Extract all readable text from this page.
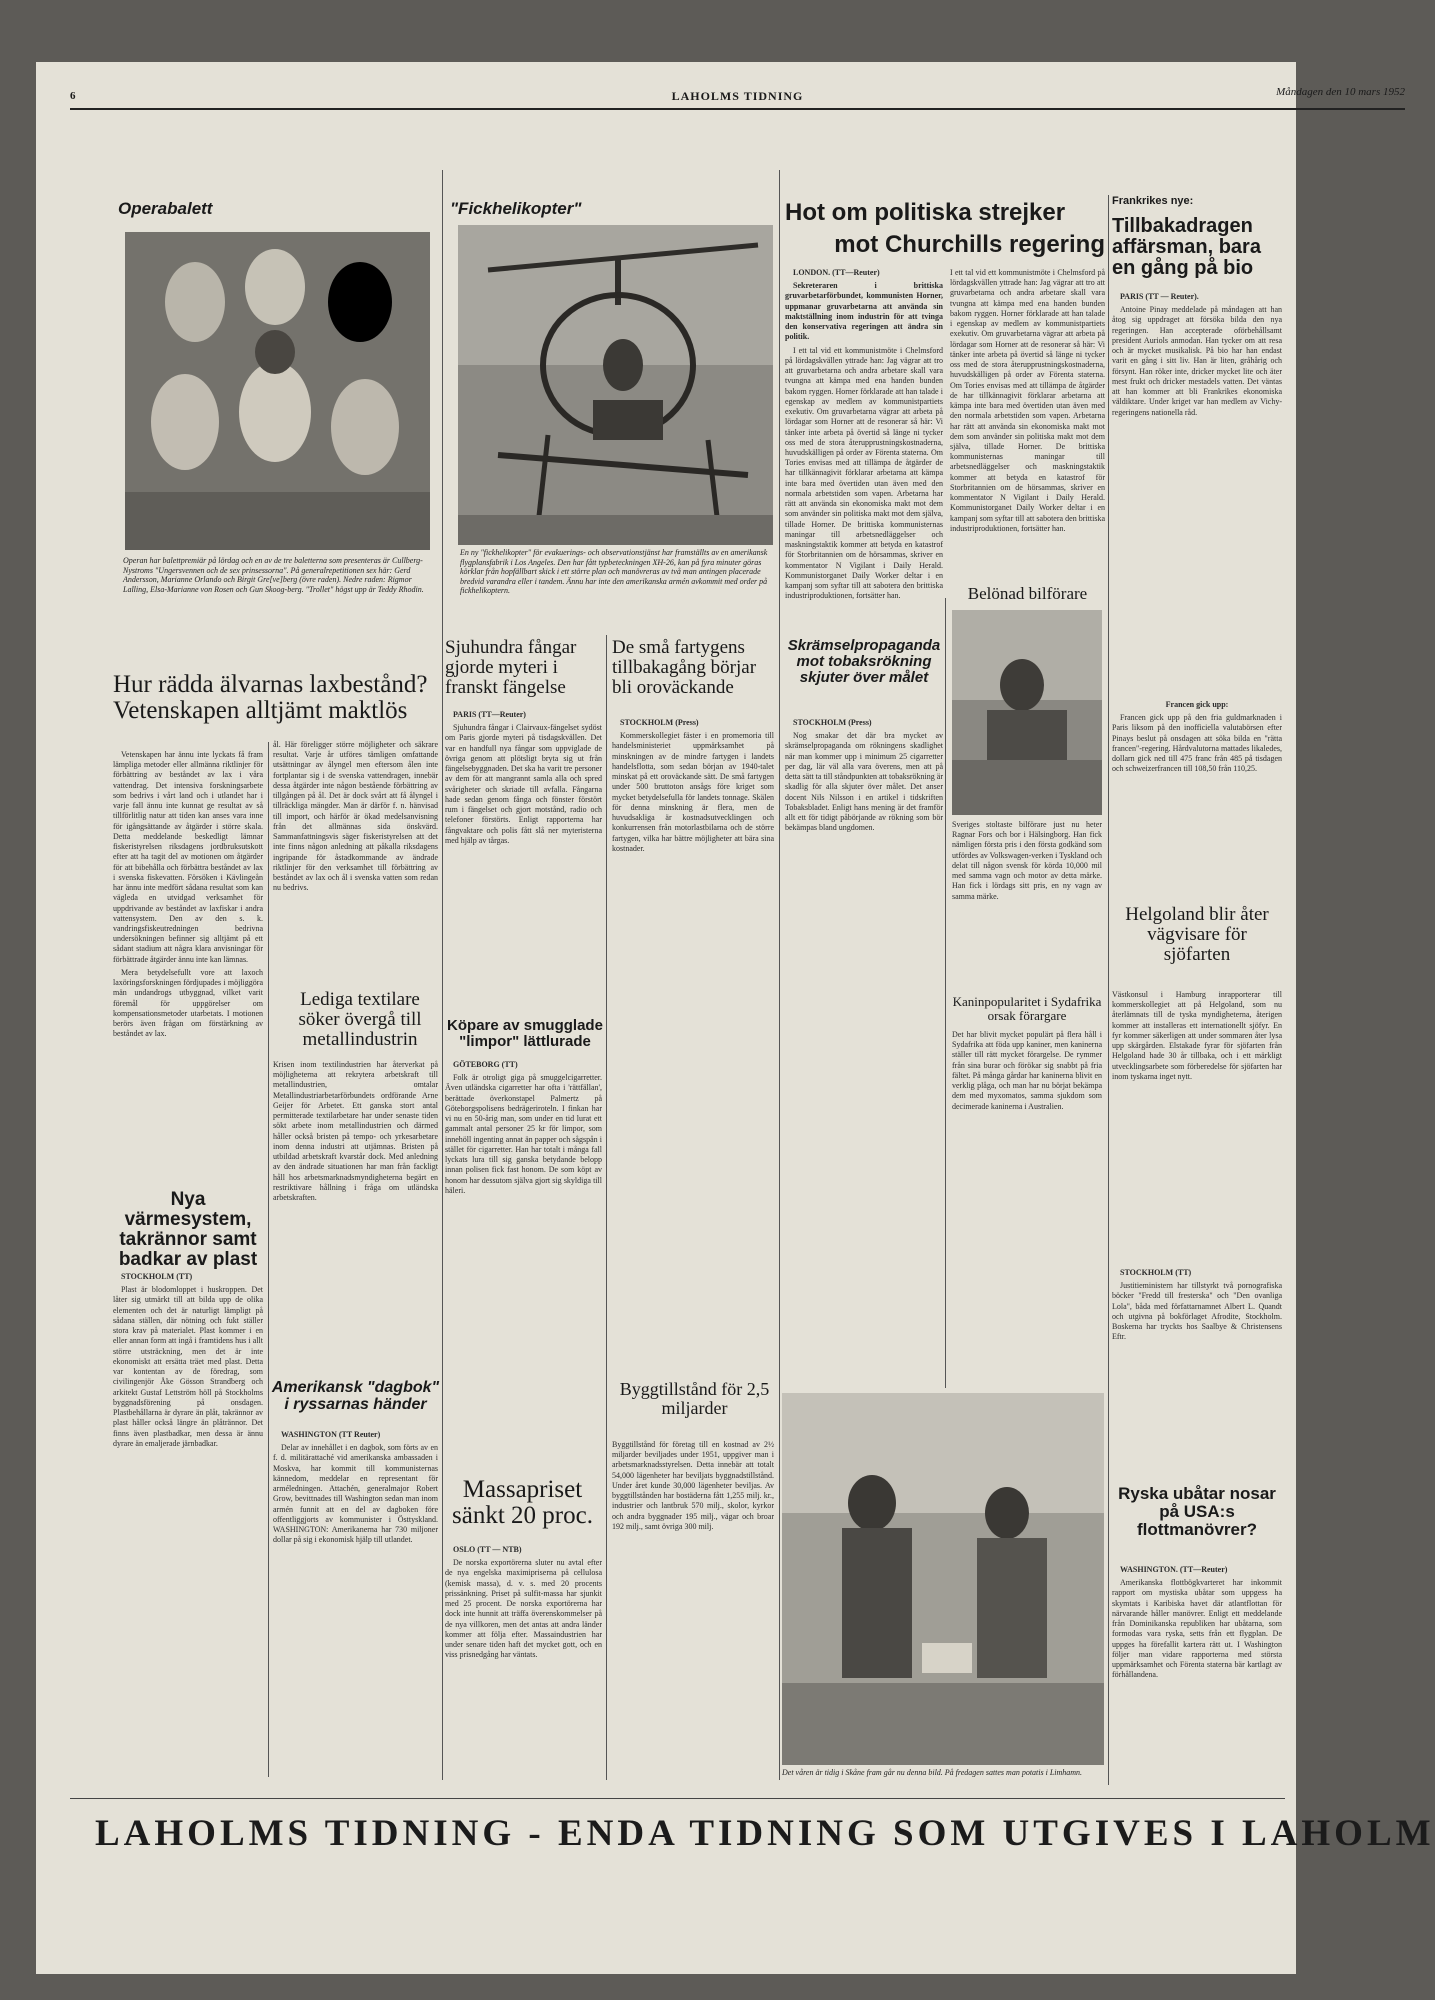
6	LAHOLMS TIDNING	Måndagen den 10 mars 1952
Operabalett
Operan har balettpremiär på lördag och en av de tre baletterna som presenteras är Cullberg-Nystroms "Ungersvennen och de sex prinsessorna". På generalrepetitionen sex här: Gerd Andersson, Marianne Orlando och Birgit Gre[ve]berg (övre raden). Nedre raden: Rigmor Lalling, Elsa-Marianne von Rosen och Gun Skoog-berg. "Trollet" högst upp är Teddy Rhodin.
Hur rädda älvarnas laxbestånd? Vetenskapen alltjämt maktlös

Vetenskapen har ännu inte lyckats få fram lämpliga metoder eller allmänna riktlinjer för förbättring av beståndet av lax i våra vattendrag. Det intensiva forskningsarbete som bedrivs i vårt land och i utlandet har i varje fall ännu inte kunnat ge resultat av så tillförlitlig natur att tiden kan anses vara inne för igångsättande av åtgärder i större skala. Detta meddelande beskedligt lämnar fiskeristyrelsen riksdagens jordbruksutskott efter att ha tagit del av motionen om åtgärder för att bibehålla och förbättra beståndet av lax i svenska fiskevatten. Försöken i Kävlingeån har ännu inte medfört sådana resultat som kan vägleda en utvidgad verksamhet för uppdrivande av beståndet av laxfiskar i andra vattensystem. Den av den s. k. vandringsfiskeutredningen bedrivna undersökningen befinner sig alltjämt på ett sådant stadium att några klara anvisningar för förbättrade åtgärder ännu inte kan lämnas.

Mera betydelsefullt vore att laxoch laxöringsforskningen fördjupades i möjliggöra män undandrogs utbyggnad, vilket varit föremål för uppgörelser om kompensationsmetoder utarbetats. I motionen berörs även frågan om förstärkning av beståndet av lax.

ål. Här föreligger större möjligheter och säkrare resultat. Varje år utföres tämligen omfattande utsättningar av ålyngel men eftersom ålen inte fortplantar sig i de svenska vattendragen, innebär dessa åtgärder inte någon bestående förbättring av tillgången på ål. Det är dock svårt att få ålyngel i tillräckliga mängder. Man är därför f. n. hänvisad till import, och härför är ökad medelsanvisning från det allmännas sida önskvärd. Sammanfattningsvis säger fiskeristyrelsen att det inte finns någon anledning att påkalla riksdagens ingripande för åstadkommande av ändrade riktlinjer för den verksamhet till förbättring av beståndet av lax och ål i svenska vatten som redan nu bedrivs.
Lediga textilare söker övergå till metallindustrin
Krisen inom textilindustrien har återverkat på möjligheterna att rekrytera arbetskraft till metallindustrien, omtalar Metallindustriarbetarförbundets ordförande Arne Geijer för Arbetet. Ett ganska stort antal permitterade textilarbetare har under senaste tiden sökt arbete inom metallindustrien och därmed håller också bristen på tempo- och yrkesarbetare inom denna industri att utjämnas. Bristen på utbildad arbetskraft kvarstår dock. Med anledning av den ändrade situationen har man från fackligt håll hos arbetsmarknadsmyndigheterna begärt en restriktivare hållning i fråga om utländska arbetskraften.
Nya värmesystem, takrännor samt badkar av plast

STOCKHOLM (TT)

Plast är blodomloppet i huskroppen. Det låter sig utmärkt till att bilda upp de olika elementen och det är naturligt lämpligt på sådana ställen, där nötning och fukt ställer stora krav på materialet. Plast kommer i en eller annan form att ingå i framtidens hus i allt större utsträckning, men det är inte ekonomiskt att ersätta träet med plast. Detta var kontentan av de föredrag, som civilingenjör Åke Gösson Strandberg och arkitekt Gustaf Lettström höll på Stockholms byggnadsförening på onsdagen. Plastbehållarna är dyrare än plåt, takrännor av plast håller också längre än plåtrännor. Det finns även plastbadkar, men dessa är ännu dyrare än emaljerade järnbadkar.

Amerikansk "dagbok" i ryssarnas händer

WASHINGTON (TT Reuter)

Delar av innehållet i en dagbok, som förts av en f. d. militärattaché vid amerikanska ambassaden i Moskva, har kommit till kommunisternas kännedom, meddelar en representant för arméledningen. Attachén, generalmajor Robert Grow, bevittnades till Washington sedan man inom armén funnit att en del av dagboken före offentliggjorts av kommunister i Östtyskland. WASHINGTON: Amerikanerna har 730 miljoner dollar på sig i ekonomisk hjälp till utlandet.

"Fickhelikopter"
En ny "fickhelikopter" för evakuerings- och observationstjänst har framställts av en amerikansk flygplansfabrik i Los Angeles. Den har fått typbeteckningen XH-26, kan på fyra minuter göras körklar från hopfällbart skick i ett större plan och manövreras av två man antingen placerade bredvid varandra eller i tandem. Ännu har inte den amerikanska armén avkommit med order på fickhelikoptern.
Sjuhundra fångar gjorde myteri i franskt fängelse

PARIS (TT—Reuter)

Sjuhundra fångar i Clairvaux-fängelset sydöst om Paris gjorde myteri på tisdagskvällen. Det var en handfull nya fångar som uppviglade de övriga genom att plötsligt bryta sig ut från fängelsebyggnaden. Det ska ha varit tre personer av dem för att mangrannt samla alla och spred svårigheter och skriade till avfalla. Fångarna hade sedan genom fånga och fönster förstört rum i fängelset och gjort motstånd, radio och telefoner förstörts. Enligt rapporterna har fångvaktare och polis fått slå ner myteristerna med hjälp av tårgas.

De små fartygens tillbakagång börjar bli oroväckande

STOCKHOLM (Press)

Kommerskollegiet fäster i en promemoria till handelsministeriet uppmärksamhet på minskningen av de mindre fartygen i landets handelsflotta, som sedan början av 1940-talet minskat på ett oroväckande sätt. De små fartygen under 500 bruttoton ansågs före kriget som mycket betydelsefulla för landets tonnage. Skälen för denna minskning är flera, men de huvudsakliga är kostnadsutvecklingen och konkurrensen från motorlastbilarna och de större fartygen, vilka har bättre möjligheter att bära sina kostnader.

Köpare av smugglade "limpor" lättlurade

GÖTEBORG (TT)

Folk är otroligt giga på smuggelcigarretter. Även utländska cigarretter har ofta i 'rättfällan', berättade överkonstapel Palmertz på Göteborgspolisens bedrägeriroteln. I finkan har vi nu en 50-årig man, som under en tid lurat ett gammalt antal personer 25 kr för limpor, som innehöll ingenting annat än papper och sågspån i stället för cigarretter. Han har totalt i många fall lyckats lura till sig ganska betydande belopp innan polisen fick fast honom. De som köpt av honom har dessutom själva gjort sig skyldiga till häleri.

Massapriset sänkt 20 proc.

OSLO (TT — NTB)

De norska exportörerna sluter nu avtal efter de nya engelska maximipriserna på cellulosa (kemisk massa), d. v. s. med 20 procents prissänkning. Priset på sulfit-massa har sjunkit med 25 procent. De norska exportörerna har dock inte hunnit att träffa överenskommelser på de nya villkoren, men det antas att andra länder kommer att följa efter. Massaindustrien har under senare tiden haft det mycket gott, och en viss prisnedgång har väntats.

Byggtillstånd för 2,5 miljarder
Byggtillstånd för företag till en kostnad av 2½ miljarder beviljades under 1951, uppgiver man i arbetsmarknadsstyrelsen. Detta innebär att totalt 54,000 lägenheter har beviljats byggnadstillstånd. Under året kunde 30,000 lägenheter beviljas. Av byggtillstånden har bostäderna fått 1,255 milj. kr., industrier och lantbruk 570 milj., skolor, kyrkor och andra byggnader 195 milj., vägar och broar 192 milj., samt övriga 300 milj.
Hot om politiska strejker
mot Churchills regering

LONDON. (TT—Reuter)

Sekreteraren i brittiska gruvarbetarförbundet, kommunisten Horner, uppmanar gruvarbetarna att använda sin maktställning inom industrin för att tvinga den konservativa regeringen att ändra sin politik.

I ett tal vid ett kommunistmöte i Chelmsford på lördagskvällen yttrade han: Jag vägrar att tro att gruvarbetarna och andra arbetare skall vara tvungna att kämpa med ena handen bunden bakom ryggen. Horner förklarade att han talade i egenskap av medlem av kommunistpartiets exekutiv. Om gruvarbetarna vägrar att arbeta på lördagar som Horner att de resonerar så här: Vi tänker inte arbeta på övertid så länge ni tycker oss med de stora återupprustningskostnaderna, huvudskälligen på order av Förenta staterna. Om Tories envisas med att tillämpa de åtgärder de har tillkännagivit förklarar arbetarna att kämpa inte bara med övertiden utan även med den normala arbetstiden som vapen. Arbetarna har rätt att använda sin ekonomiska makt mot dem som använder sin politiska makt mot dem själva, tillade Horner. De brittiska kommunisternas maningar till arbetsnedläggelser och maskningstaktik kommer att betyda en katastrof för Storbritannien om de hörsammas, skriver en kommentator N Vigilant i Daily Herald. Kommunistorganet Daily Worker deltar i en kampanj som syftar till att sabotera den brittiska industriproduktionen, fortsätter han.

I ett tal vid ett kommunistmöte i Chelmsford på lördagskvällen yttrade han: Jag vägrar att tro att gruvarbetarna och andra arbetare skall vara tvungna att kämpa med ena handen bunden bakom ryggen. Horner förklarade att han talade i egenskap av medlem av kommunistpartiets exekutiv. Om gruvarbetarna vägrar att arbeta på lördagar som Horner att de resonerar så här: Vi tänker inte arbeta på övertid så länge ni tycker oss med de stora återupprustningskostnaderna, huvudskälligen på order av Förenta staterna. Om Tories envisas med att tillämpa de åtgärder de har tillkännagivit förklarar arbetarna att kämpa inte bara med övertiden utan även med den normala arbetstiden som vapen. Arbetarna har rätt att använda sin ekonomiska makt mot dem som använder sin politiska makt mot dem själva, tillade Horner. De brittiska kommunisternas maningar till arbetsnedläggelser och maskningstaktik kommer att betyda en katastrof för Storbritannien om de hörsammas, skriver en kommentator N Vigilant i Daily Herald. Kommunistorganet Daily Worker deltar i en kampanj som syftar till att sabotera den brittiska industriproduktionen, fortsätter han.
Skrämselpropaganda mot tobaksrökning skjuter över målet

STOCKHOLM (Press)

Nog smakar det där bra mycket av skrämselpropaganda om rökningens skadlighet när man kommer upp i minimum 25 cigarretter per dag, lär väl alla vara överens, men att på detta sätt ta till ståndpunkten att tobaksrökning är skadlig för alla skjuter över målet. Det anser docent Nils Nilsson i en artikel i tidskriften Tobaksbladet. Enligt hans mening är det framför allt ett för tidigt påbörjande av rökning som bör bekämpas bland ungdomen.

Belönad bilförare
Sveriges stoltaste bilförare just nu heter Ragnar Fors och bor i Hälsingborg. Han fick nämligen första pris i den första godkänd som utfördes av Volkswagen-verken i Tyskland och delat till någon svensk för körda 10,000 mil med samma vagn och motor av detta märke. Han fick i lördags sitt pris, en ny vagn av samma märke.
Kaninpopularitet i Sydafrika orsak förargare
Det har blivit mycket populärt på flera håll i Sydafrika att föda upp kaniner, men kaninerna ställer till rätt mycket förargelse. De rymmer från sina burar och förökar sig snabbt på fria fältet. På många gårdar har kaninerna blivit en verklig plåga, och man har nu börjat bekämpa dem med myxomatos, samma sjukdom som decimerade kaninerna i Australien.
Det våren är tidig i Skåne fram går nu denna bild. På fredagen sattes man potatis i Limhamn.
Frankrikes nye:
Tillbakadragen affärsman, bara en gång på bio

PARIS (TT — Reuter).

Antoine Pinay meddelade på måndagen att han åtog sig uppdraget att försöka bilda den nya regeringen. Han accepterade oförbehållsamt president Auriols anmodan. Han tycker om att resa och är mycket musikalisk. På bio har han endast varit en gång i sitt liv. Han är liten, gråhårig och försynt. Han röker inte, dricker mycket lite och äter mest frukt och dricker mestadels vatten. Det väntas att han kommer att bli Frankrikes ekonomiska väldiktare. Under kriget var han medlem av Vichy-regeringens nationella råd.

Francen gick upp:

Francen gick upp på den fria guldmarknaden i Paris liksom på den inofficiella valutabörsen efter Pinays beslut på onsdagen att söka bilda en "rätta francen"-regering. Hårdvalutorna mattades likaledes, dollarn gick ned till 475 franc från 485 på tisdagen och schweizerfrancen till 108,50 från 110,25.

Helgoland blir åter vägvisare för sjöfarten
Västkonsul i Hamburg inrapporterar till kommerskollegiet att på Helgoland, som nu återlämnats till de tyska myndigheterna, återigen kommer att installeras ett internationellt sjöfyr. En fyr kommer säkerligen att under sommaren åter lysa upp skärgården. Elstakade fyrar för sjöfarten från Helgoland hade 30 år tillbaka, och i ett märkligt utvecklingsarbete som förberedelse för sjöfarten har inom tyskarna inget nytt.

STOCKHOLM (TT)

Justitieministern har tillstyrkt två pornografiska böcker "Fredd till fresterska" och "Den ovanliga Lola", båda med författarnamnet Albert L. Quandt och utgivna på bokförlaget Afrodite, Stockholm. Boskerna har tryckts hos Saalbye & Christensens Eftr.

Ryska ubåtar nosar på USA:s flottmanövrer?

WASHINGTON. (TT—Reuter)

Amerikanska flottbögkvarteret har inkommit rapport om mystiska ubåtar som uppgess ha skymtats i Karibiska havet där atlantflottan för närvarande håller manövrer. Enligt ett meddelande från Dominikanska republiken har ubåtarna, som formodas vara ryska, setts från ett flygplan. De uppges ha förefallit kartera rätt ut. I Washington följer man vidare rapporterna med största uppmärksamhet och Förenta staterna bär kartlagt av förhållandena.

LAHOLMS TIDNING - ENDA TIDNING SOM UTGIVES I LAHOLM
